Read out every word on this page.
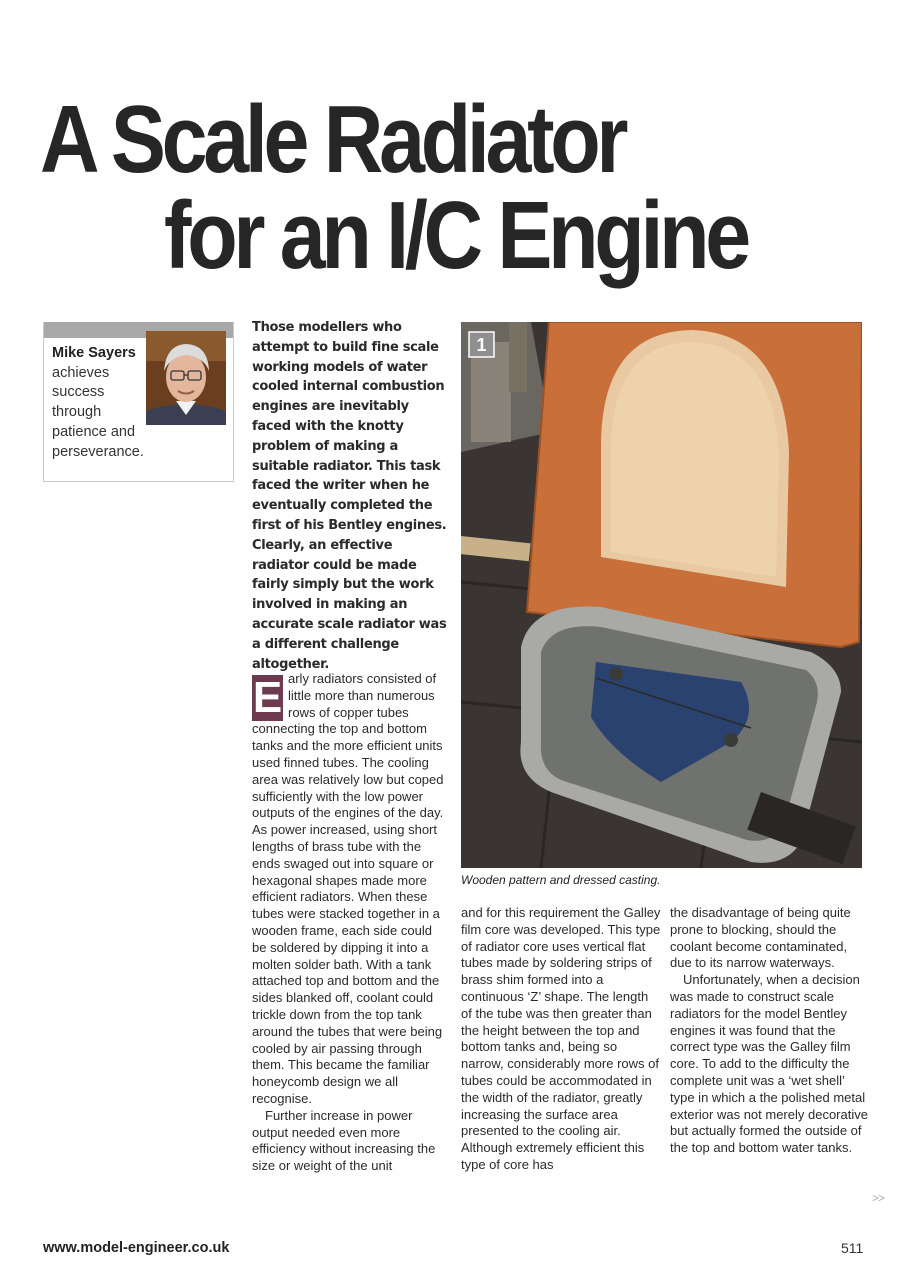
A Scale Radiator
for an I/C Engine
Mike Sayers
achieves success through patience and perseverance.
Those modellers who attempt to build fine scale working models of water cooled internal combustion engines are inevitably faced with the knotty problem of making a suitable radiator. This task faced the writer when he eventually completed the first of his Bentley engines. Clearly, an effective radiator could be made fairly simply but the work involved in making an accurate scale radiator was a different challenge altogether.

E arly radiators consisted of little more than numerous rows of copper tubes connecting the top and bottom tanks and the more efficient units used finned tubes. The cooling area was relatively low but coped sufficiently with the low power outputs of the engines of the day. As power increased, using short lengths of brass tube with the ends swaged out into square or hexagonal shapes made more efficient radiators. When these tubes were stacked together in a wooden frame, each side could be soldered by dipping it into a molten solder bath. With a tank attached top and bottom and the sides blanked off, coolant could trickle down from the top tank around the tubes that were being cooled by air passing through them. This became the familiar honeycomb design we all recognise.

Further increase in power output needed even more efficiency without increasing the size or weight of the unit

1
Wooden pattern and dressed casting.

and for this requirement the Galley film core was developed. This type of radiator core uses vertical flat tubes made by soldering strips of brass shim formed into a continuous ‘Z’ shape. The length of the tube was then greater than the height between the top and bottom tanks and, being so narrow, considerably more rows of tubes could be accommodated in the width of the radiator, greatly increasing the surface area presented to the cooling air. Although extremely efficient this type of core has

the disadvantage of being quite prone to blocking, should the coolant become contaminated, due to its narrow waterways.

Unfortunately, when a decision was made to construct scale radiators for the model Bentley engines it was found that the correct type was the Galley film core. To add to the difficulty the complete unit was a ‘wet shell’ type in which a the polished metal exterior was not merely decorative but actually formed the outside of the top and bottom water tanks.

>>
www.model-engineer.co.uk	511
